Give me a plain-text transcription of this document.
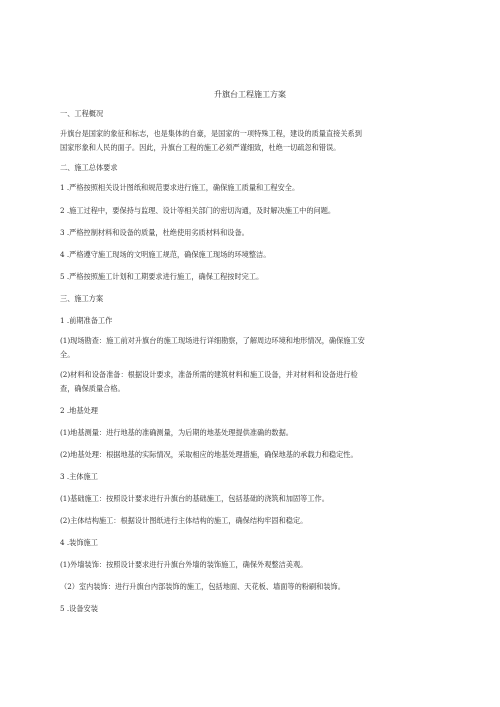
升旗台工程施工方案

一、工程概况

升旗台是国家的象征和标志，也是集体的自豪，是国家的一项特殊工程，建设的质量直接关系到

国家形象和人民的面子。因此，升旗台工程的施工必须严谨细致，杜绝一切疏忽和错误。

二、施工总体要求

1 .严格按照相关设计图纸和规范要求进行施工，确保施工质量和工程安全。

2 .施工过程中，要保持与监理、设计等相关部门的密切沟通，及时解决施工中的问题。

3 .严格控制材料和设备的质量，杜绝使用劣质材料和设备。

4 .严格遵守施工现场的文明施工规范，确保施工现场的环境整洁。

5 .严格按照施工计划和工期要求进行施工，确保工程按时完工。

三、施工方案

1 .前期准备工作

(1)现场勘查：施工前对升旗台的施工现场进行详细勘察，了解周边环境和地形情况，确保施工安

全。

(2)材料和设备准备：根据设计要求，准备所需的建筑材料和施工设备，并对材料和设备进行检

查，确保质量合格。

2 .地基处理

(1)地基测量：进行地基的准确测量，为后期的地基处理提供准确的数据。

(2)地基处理：根据地基的实际情况，采取相应的地基处理措施，确保地基的承载力和稳定性。

3 .主体施工

(1)基础施工：按照设计要求进行升旗台的基础施工，包括基础的浇筑和加固等工作。

(2)主体结构施工：根据设计图纸进行主体结构的施工，确保结构牢固和稳定。

4 .装饰施工

(1)外墙装饰：按照设计要求进行升旗台外墙的装饰施工，确保外观整洁美观。

（2）室内装饰：进行升旗台内部装饰的施工，包括地面、天花板、墙面等的粉刷和装饰。

5 .设备安装
